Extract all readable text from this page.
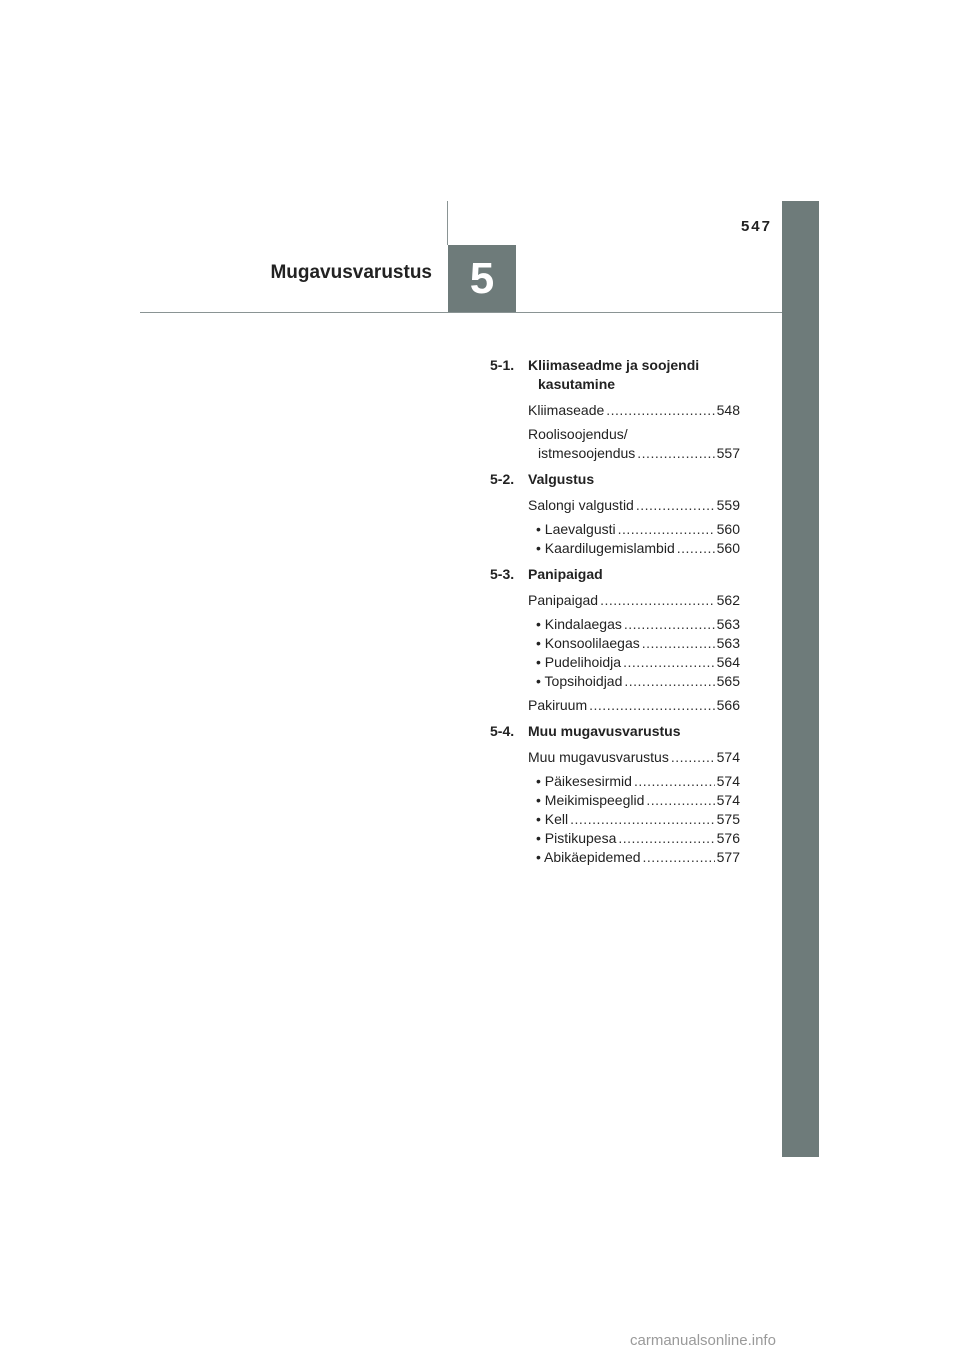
547
5
Mugavusvarustus
5-1. Kliimaseadme ja soojendi
kasutamine
Kliimaseade .....	548
Roolisoojendus/
istmesoojendus .....	557
5-2. Valgustus
Salongi valgustid .....	559
• Laevalgusti .....	560
• Kaardilugemislambid .....	560
5-3. Panipaigad
Panipaigad .....	562
• Kindalaegas .....	563
• Konsoolilaegas .....	563
• Pudelihoidja .....	564
• Topsihoidjad .....	565
Pakiruum .....	566
5-4. Muu mugavusvarustus
Muu mugavusvarustus .....	574
• Päikesesirmid .....	574
• Meikimispeeglid .....	574
• Kell .....	575
• Pistikupesa .....	576
• Abikäepidemed .....	577
carmanualsonline.info
